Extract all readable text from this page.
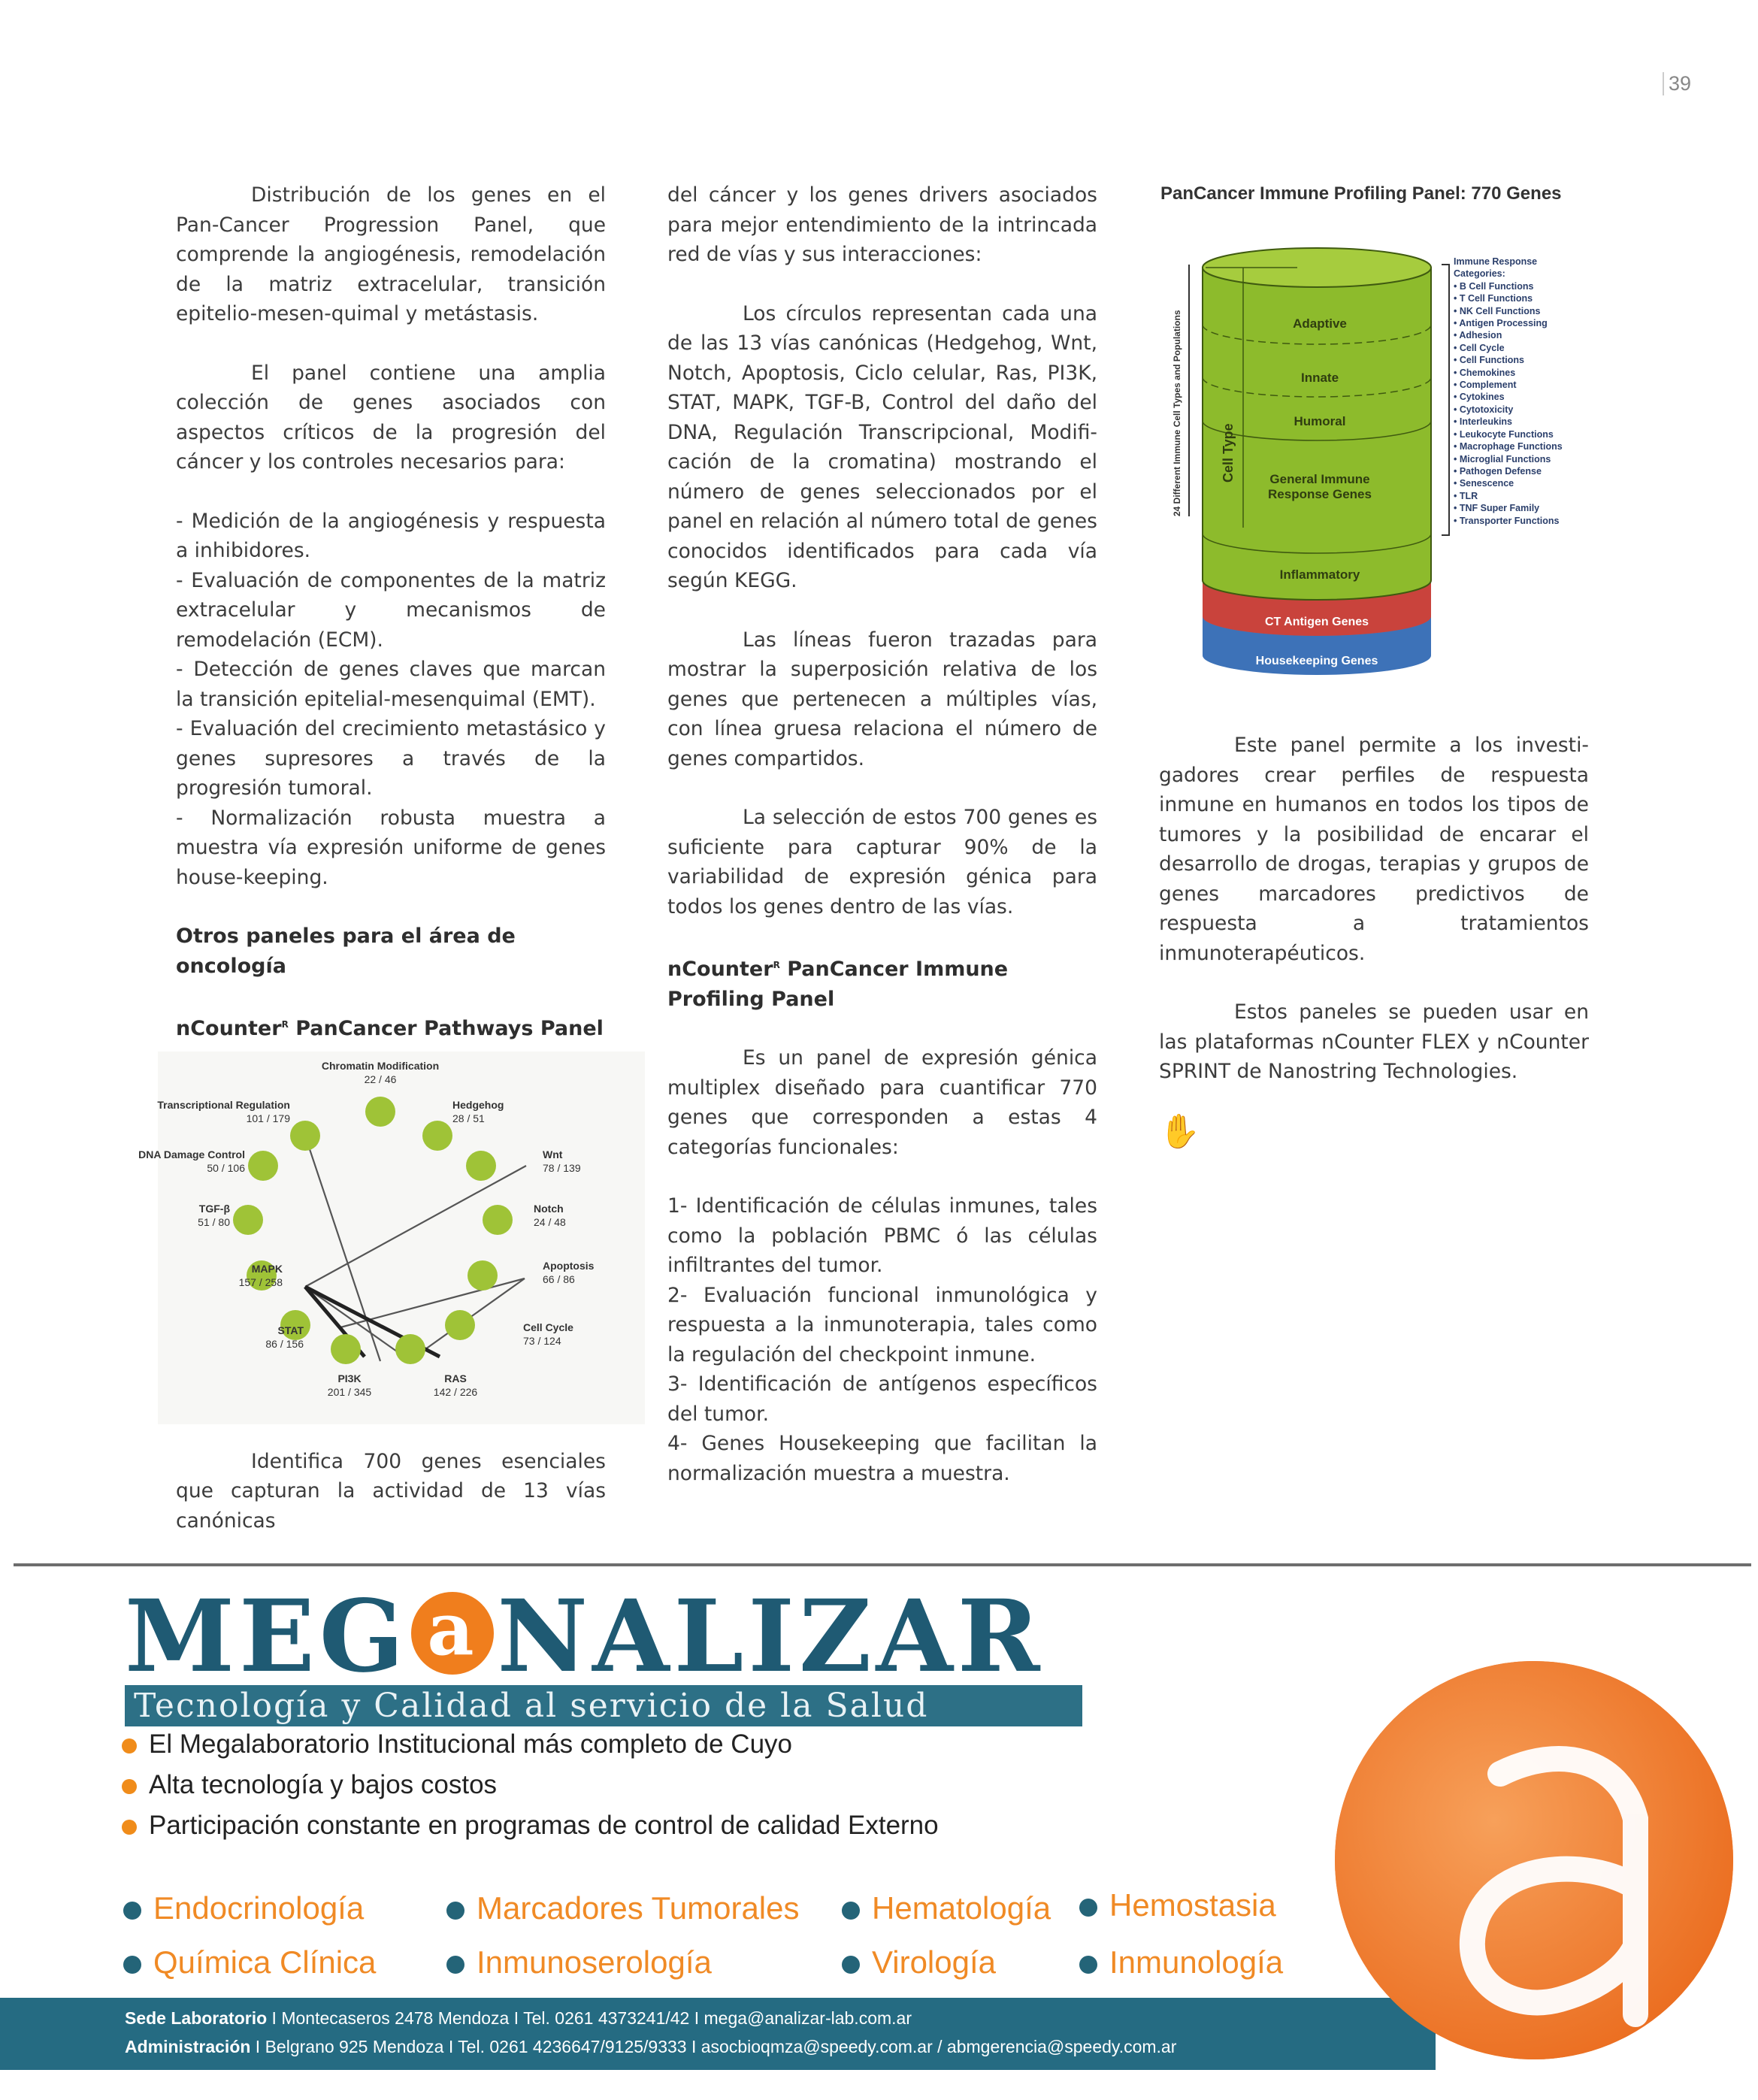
39

Distribución de los genes en el Pan-Cancer Progression Panel, que comprende la angiogénesis, remodelación de la matriz extracelular, transición epitelio-mesen-quimal y metástasis.

El panel contiene una amplia colección de genes asociados con aspectos críticos de la progresión del cáncer y los controles necesarios para:

- Medición de la angiogénesis y respuesta a inhibidores.

- Evaluación de componentes de la matriz extracelular y mecanismos de remodelación (ECM).

- Detección de genes claves que marcan la transición epitelial-mesenquimal (EMT).

- Evaluación del crecimiento metastásico y genes supresores a través de la progresión tumoral.

- Normalización robusta muestra a muestra vía expresión uniforme de genes house-keeping.

Otros paneles para el área de oncología
nCounter$^R$ PanCancer Pathways Panel
Chromatin Modification
22 / 46
Transcriptional Regulation
101 / 179
Hedgehog
28 / 51
DNA Damage Control
50 / 106
Wnt
78 / 139
TGF-β
51 / 80
Notch
24 / 48
MAPK
157 / 258
Apoptosis
66 / 86
STAT
86 / 156
Cell Cycle
73 / 124
PI3K
201 / 345
RAS
142 / 226

Identifica 700 genes esenciales que capturan la actividad de 13 vías canónicas

del cáncer y los genes drivers asociados para mejor entendimiento de la intrincada red de vías y sus interacciones:

Los círculos representan cada una de las 13 vías canónicas (Hedgehog, Wnt, Notch, Apoptosis, Ciclo celular, Ras, PI3K, STAT, MAPK, TGF-B, Control del daño del DNA, Regulación Transcripcional, Modifi-cación de la cromatina) mostrando el número de genes seleccionados por el panel en relación al número total de genes conocidos identificados para cada vía según KEGG.

Las líneas fueron trazadas para mostrar la superposición relativa de los genes que pertenecen a múltiples vías, con línea gruesa relaciona el número de genes compartidos.

La selección de estos 700 genes es suficiente para capturar 90% de la variabilidad de expresión génica para todos los genes dentro de las vías.

nCounter$^R$ PanCancer Immune Profiling Panel

Es un panel de expresión génica multiplex diseñado para cuantificar 770 genes que corresponden a estas 4 categorías funcionales:

1- Identificación de células inmunes, tales como la población PBMC ó las células infiltrantes del tumor.

2- Evaluación funcional inmunológica y respuesta a la inmunoterapia, tales como la regulación del checkpoint inmune.

3- Identificación de antígenos específicos del tumor.

4- Genes Housekeeping que facilitan la normalización muestra a muestra.

PanCancer Immune Profiling Panel: 770 Genes
24 Different Immune Cell Types and Populations	Cell Type
Adaptive
Innate
Humoral
General Immune Response Genes
Inflammatory
CT Antigen Genes
Housekeeping Genes
Immune Response Categories:
• B Cell Functions
• T Cell Functions
• NK Cell Functions
• Antigen Processing
• Adhesion
• Cell Cycle
• Cell Functions
• Chemokines
• Complement
• Cytokines
• Cytotoxicity
• Interleukins
• Leukocyte Functions
• Macrophage Functions
• Microglial Functions
• Pathogen Defense
• Senescence
• TLR
• TNF Super Family
• Transporter Functions

Este panel permite a los investi-gadores crear perfiles de respuesta inmune en humanos en todos los tipos de tumores y la posibilidad de encarar el desarrollo de drogas, terapias y grupos de genes marcadores predictivos de respuesta a tratamientos inmunoterapéuticos.

Estos paneles se pueden usar en las plataformas nCounter FLEX y nCounter SPRINT de Nanostring Technologies.

✋
MEG a NALIZAR
Tecnología y Calidad al servicio de la Salud
El Megalaboratorio Institucional más completo de Cuyo
Alta tecnología y bajos costos
Participación constante en programas de control de calidad Externo
Endocrinología	Marcadores Tumorales	Hematología	Hemostasia
Química Clínica	Inmunoserología	Virología	Inmunología
Sede Laboratorio I Montecaseros 2478 Mendoza I Tel. 0261 4373241/42 I mega@analizar-lab.com.ar
Administración I Belgrano 925 Mendoza I Tel. 0261 4236647/9125/9333 I asocbioqmza@speedy.com.ar / abmgerencia@speedy.com.ar
